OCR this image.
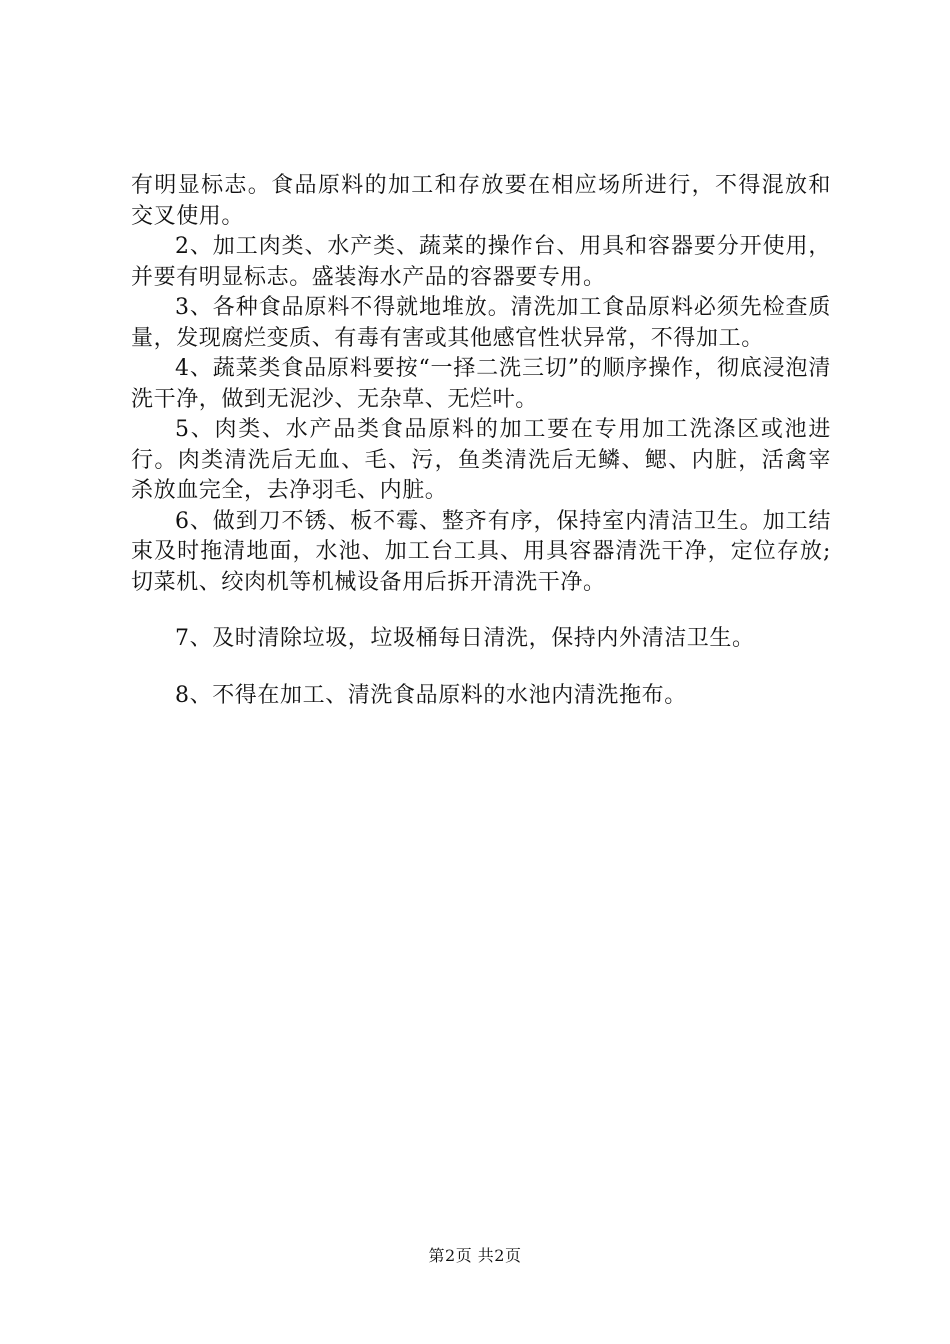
有明显标志。食品原料的加工和存放要在相应场所进行，不得混放和交叉使用。

2、加工肉类、水产类、蔬菜的操作台、用具和容器要分开使用，并要有明显标志。盛装海水产品的容器要专用。

3、各种食品原料不得就地堆放。清洗加工食品原料必须先检查质量，发现腐烂变质、有毒有害或其他感官性状异常，不得加工。

4、蔬菜类食品原料要按“一择二洗三切”的顺序操作，彻底浸泡清洗干净，做到无泥沙、无杂草、无烂叶。

5、肉类、水产品类食品原料的加工要在专用加工洗涤区或池进行。肉类清洗后无血、毛、污，鱼类清洗后无鳞、鳃、内脏，活禽宰杀放血完全，去净羽毛、内脏。

6、做到刀不锈、板不霉、整齐有序，保持室内清洁卫生。加工结束及时拖清地面，水池、加工台工具、用具容器清洗干净，定位存放;切菜机、绞肉机等机械设备用后拆开清洗干净。

7、及时清除垃圾，垃圾桶每日清洗，保持内外清洁卫生。

8、不得在加工、清洗食品原料的水池内清洗拖布。

第2页 共2页
